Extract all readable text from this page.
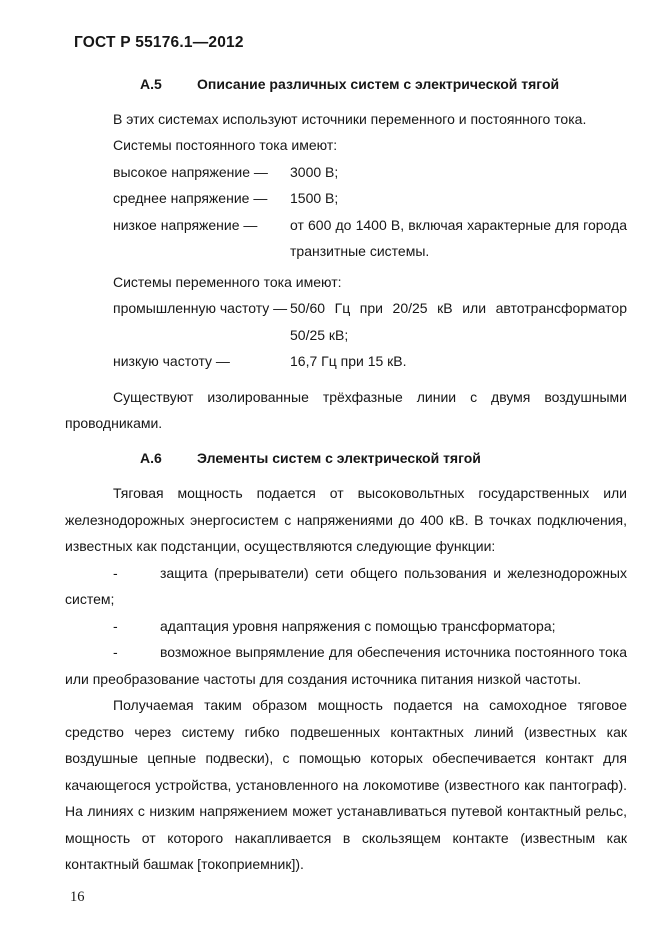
ГОСТ Р 55176.1—2012
А.5	Описание различных систем с электрической тягой

В этих системах используют источники переменного и постоянного тока.

Системы постоянного тока имеют:

высокое напряжение —	3000 В;
среднее напряжение —	1500 В;
низкое напряжение —	от 600 до 1400 В, включая характерные для города транзитные системы.

Системы переменного тока имеют:

промышленную частоту — 50/60 Гц при 20/25 кВ или автотрансформатор 50/25 кВ;
низкую частоту —	16,7 Гц при 15 кВ.

Существуют изолированные трёхфазные линии с двумя воздушными проводниками.

А.6	Элементы систем с электрической тягой

Тяговая мощность подается от высоковольтных государственных или железнодорожных энергосистем с напряжениями до 400 кВ. В точках подключения, известных как подстанции, осуществляются следующие функции:

-	защита (прерыватели) сети общего пользования и железнодорожных систем;

-	адаптация уровня напряжения с помощью трансформатора;

-	возможное выпрямление для обеспечения источника постоянного тока или преобразование частоты для создания источника питания низкой частоты.

Получаемая таким образом мощность подается на самоходное тяговое средство через систему гибко подвешенных контактных линий (известных как воздушные цепные подвески), с помощью которых обеспечивается контакт для качающегося устройства, установленного на локомотиве (известного как пантограф). На линиях с низким напряжением может устанавливаться путевой контактный рельс, мощность от которого накапливается в скользящем контакте (известным как контактный башмак [токоприемник]).

16
